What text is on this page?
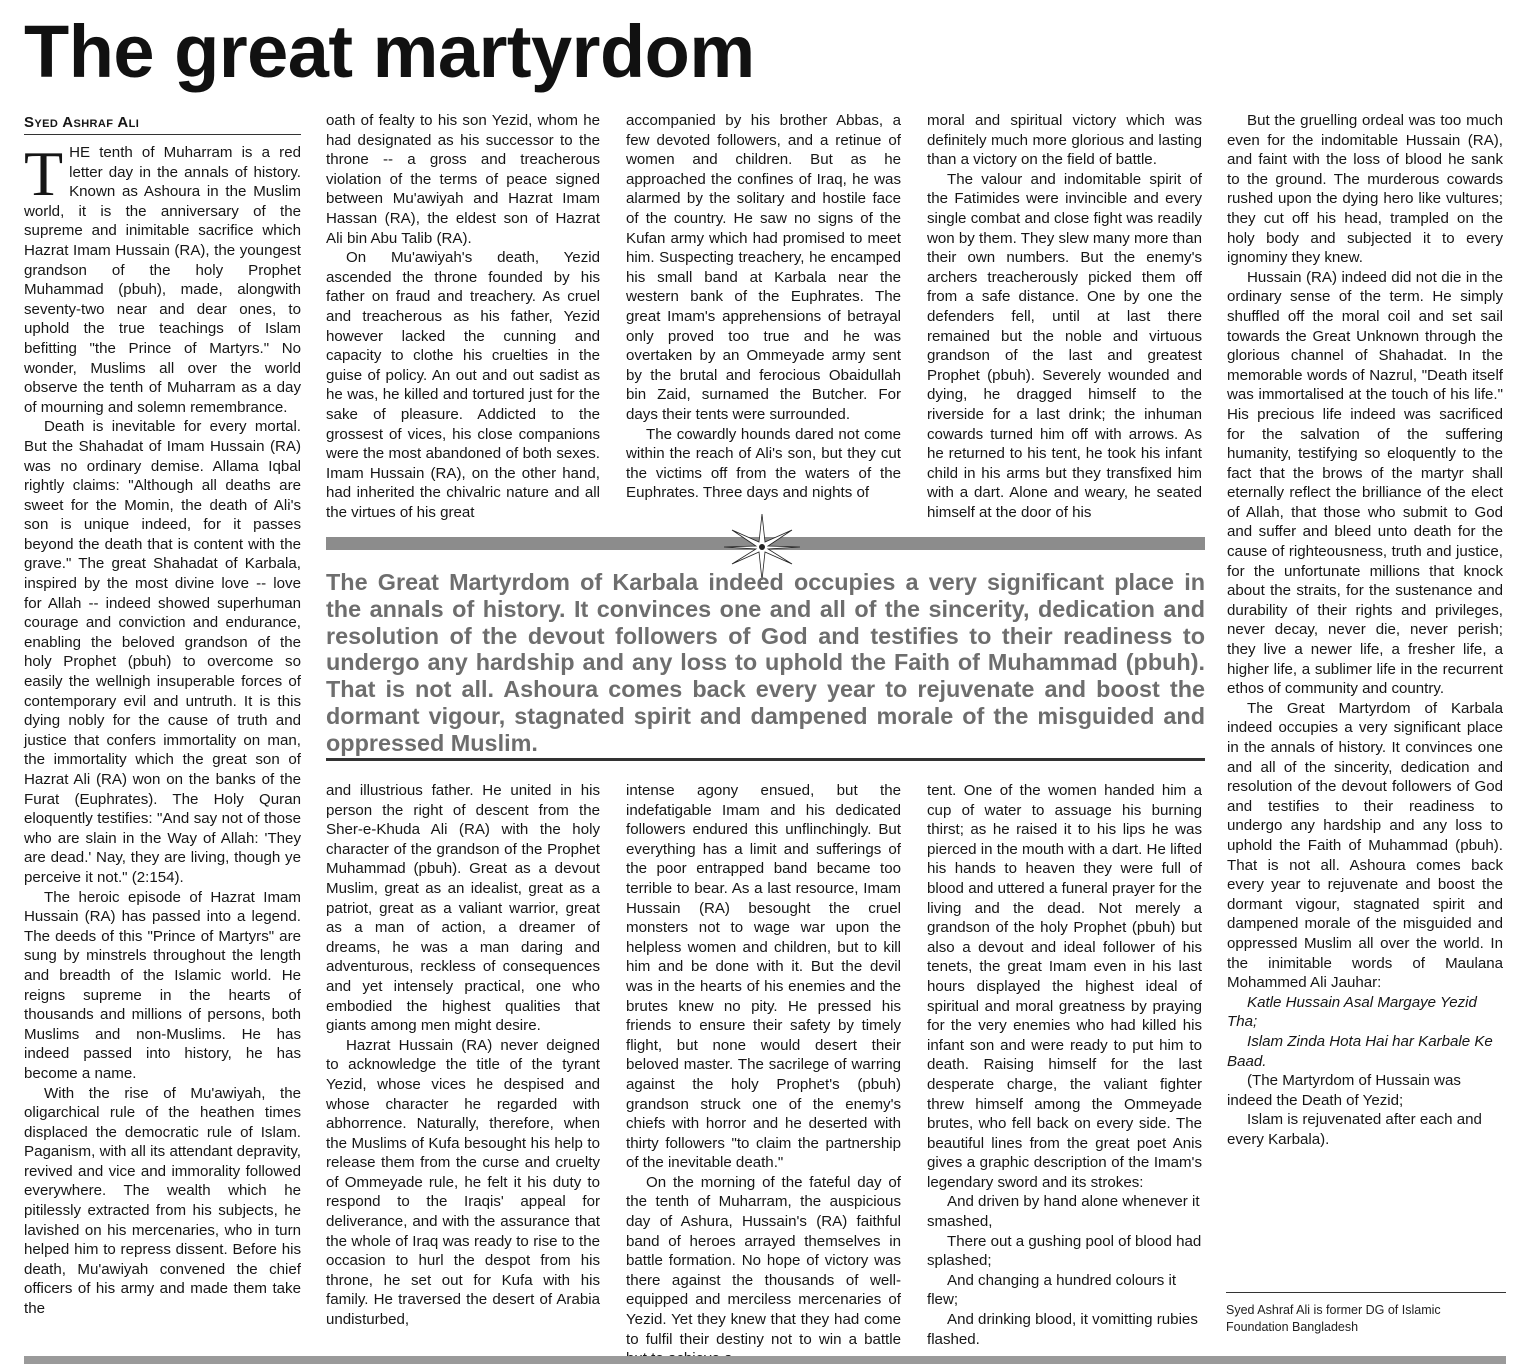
The great martyrdom
Syed Ashraf Ali

THE tenth of Muharram is a red letter day in the annals of history. Known as Ashoura in the Muslim world, it is the anniversary of the supreme and inimitable sacrifice which Hazrat Imam Hussain (RA), the youngest grandson of the holy Prophet Muhammad (pbuh), made, alongwith seventy-two near and dear ones, to uphold the true teachings of Islam befitting "the Prince of Martyrs." No wonder, Muslims all over the world observe the tenth of Muharram as a day of mourning and solemn remembrance.

Death is inevitable for every mortal. But the Shahadat of Imam Hussain (RA) was no ordinary demise. Allama Iqbal rightly claims: "Although all deaths are sweet for the Momin, the death of Ali's son is unique indeed, for it passes beyond the death that is content with the grave." The great Shahadat of Karbala, inspired by the most divine love -- love for Allah -- indeed showed superhuman courage and conviction and endurance, enabling the beloved grandson of the holy Prophet (pbuh) to overcome so easily the wellnigh insuperable forces of contemporary evil and untruth. It is this dying nobly for the cause of truth and justice that confers immortality on man, the immortality which the great son of Hazrat Ali (RA) won on the banks of the Furat (Euphrates). The Holy Quran eloquently testifies: "And say not of those who are slain in the Way of Allah: 'They are dead.' Nay, they are living, though ye perceive it not." (2:154).

The heroic episode of Hazrat Imam Hussain (RA) has passed into a legend. The deeds of this "Prince of Martyrs" are sung by minstrels throughout the length and breadth of the Islamic world. He reigns supreme in the hearts of thousands and millions of persons, both Muslims and non-Muslims. He has indeed passed into history, he has become a name.

With the rise of Mu'awiyah, the oligarchical rule of the heathen times displaced the democratic rule of Islam. Paganism, with all its attendant depravity, revived and vice and immorality followed everywhere. The wealth which he pitilessly extracted from his subjects, he lavished on his mercenaries, who in turn helped him to repress dissent. Before his death, Mu'awiyah convened the chief officers of his army and made them take the

oath of fealty to his son Yezid, whom he had designated as his successor to the throne -- a gross and treacherous violation of the terms of peace signed between Mu'awiyah and Hazrat Imam Hassan (RA), the eldest son of Hazrat Ali bin Abu Talib (RA).

On Mu'awiyah's death, Yezid ascended the throne founded by his father on fraud and treachery. As cruel and treacherous as his father, Yezid however lacked the cunning and capacity to clothe his cruelties in the guise of policy. An out and out sadist as he was, he killed and tortured just for the sake of pleasure. Addicted to the grossest of vices, his close companions were the most abandoned of both sexes. Imam Hussain (RA), on the other hand, had inherited the chivalric nature and all the virtues of his great

accompanied by his brother Abbas, a few devoted followers, and a retinue of women and children. But as he approached the confines of Iraq, he was alarmed by the solitary and hostile face of the country. He saw no signs of the Kufan army which had promised to meet him. Suspecting treachery, he encamped his small band at Karbala near the western bank of the Euphrates. The great Imam's apprehensions of betrayal only proved too true and he was overtaken by an Ommeyade army sent by the brutal and ferocious Obaidullah bin Zaid, surnamed the Butcher. For days their tents were surrounded.

The cowardly hounds dared not come within the reach of Ali's son, but they cut the victims off from the waters of the Euphrates. Three days and nights of

moral and spiritual victory which was definitely much more glorious and lasting than a victory on the field of battle.

The valour and indomitable spirit of the Fatimides were invincible and every single combat and close fight was readily won by them. They slew many more than their own numbers. But the enemy's archers treacherously picked them off from a safe distance. One by one the defenders fell, until at last there remained but the noble and virtuous grandson of the last and greatest Prophet (pbuh). Severely wounded and dying, he dragged himself to the riverside for a last drink; the inhuman cowards turned him off with arrows. As he returned to his tent, he took his infant child in his arms but they transfixed him with a dart. Alone and weary, he seated himself at the door of his

The Great Martyrdom of Karbala indeed occupies a very significant place in the annals of history. It convinces one and all of the sincerity, dedication and resolution of the devout followers of God and testifies to their readiness to undergo any hardship and any loss to uphold the Faith of Muhammad (pbuh). That is not all. Ashoura comes back every year to rejuvenate and boost the dormant vigour, stagnated spirit and dampened morale of the misguided and oppressed Muslim.

and illustrious father. He united in his person the right of descent from the Sher-e-Khuda Ali (RA) with the holy character of the grandson of the Prophet Muhammad (pbuh). Great as a devout Muslim, great as an idealist, great as a patriot, great as a valiant warrior, great as a man of action, a dreamer of dreams, he was a man daring and adventurous, reckless of consequences and yet intensely practical, one who embodied the highest qualities that giants among men might desire.

Hazrat Hussain (RA) never deigned to acknowledge the title of the tyrant Yezid, whose vices he despised and whose character he regarded with abhorrence. Naturally, therefore, when the Muslims of Kufa besought his help to release them from the curse and cruelty of Ommeyade rule, he felt it his duty to respond to the Iraqis' appeal for deliverance, and with the assurance that the whole of Iraq was ready to rise to the occasion to hurl the despot from his throne, he set out for Kufa with his family. He traversed the desert of Arabia undisturbed,

intense agony ensued, but the indefatigable Imam and his dedicated followers endured this unflinchingly. But everything has a limit and sufferings of the poor entrapped band became too terrible to bear. As a last resource, Imam Hussain (RA) besought the cruel monsters not to wage war upon the helpless women and children, but to kill him and be done with it. But the devil was in the hearts of his enemies and the brutes knew no pity. He pressed his friends to ensure their safety by timely flight, but none would desert their beloved master. The sacrilege of warring against the holy Prophet's (pbuh) grandson struck one of the enemy's chiefs with horror and he deserted with thirty followers "to claim the partnership of the inevitable death."

On the morning of the fateful day of the tenth of Muharram, the auspicious day of Ashura, Hussain's (RA) faithful band of heroes arrayed themselves in battle formation. No hope of victory was there against the thousands of well-equipped and merciless mercenaries of Yezid. Yet they knew that they had come to fulfil their destiny not to win a battle

tent. One of the women handed him a cup of water to assuage his burning thirst; as he raised it to his lips he was pierced in the mouth with a dart. He lifted his hands to heaven they were full of blood and uttered a funeral prayer for the living and the dead. Not merely a grandson of the holy Prophet (pbuh) but also a devout and ideal follower of his tenets, the great Imam even in his last hours displayed the highest ideal of spiritual and moral greatness by praying for the very enemies who had killed his infant son and were ready to put him to death. Raising himself for the last desperate charge, the valiant fighter threw himself among the Ommeyade brutes, who fell back on every side. The beautiful lines from the great poet Anis gives a graphic description of the Imam's legendary sword and its strokes:

And driven by hand alone whenever it smashed,

There out a gushing pool of blood had splashed;

And changing a hundred colours it flew;

And drinking blood, it vomitting rubies flashed.

But the gruelling ordeal was too much even for the indomitable Hussain (RA), and faint with the loss of blood he sank to the ground. The murderous cowards rushed upon the dying hero like vultures; they cut off his head, trampled on the holy body and subjected it to every ignominy they knew.

Hussain (RA) indeed did not die in the ordinary sense of the term. He simply shuffled off the moral coil and set sail towards the Great Unknown through the glorious channel of Shahadat. In the memorable words of Nazrul, "Death itself was immortalised at the touch of his life." His precious life indeed was sacrificed for the salvation of the suffering humanity, testifying so eloquently to the fact that the brows of the martyr shall eternally reflect the brilliance of the elect of Allah, that those who submit to God and suffer and bleed unto death for the cause of righteousness, truth and justice, for the unfortunate millions that knock about the straits, for the sustenance and durability of their rights and privileges, never decay, never die, never perish; they live a newer life, a fresher life, a higher life, a sublimer life in the recurrent ethos of community and country.

The Great Martyrdom of Karbala indeed occupies a very significant place in the annals of history. It convinces one and all of the sincerity, dedication and resolution of the devout followers of God and testifies to their readiness to undergo any hardship and any loss to uphold the Faith of Muhammad (pbuh). That is not all. Ashoura comes back every year to rejuvenate and boost the dormant vigour, stagnated spirit and dampened morale of the misguided and oppressed Muslim all over the world. In the inimitable words of Maulana Mohammed Ali Jauhar:

Katle Hussain Asal Margaye Yezid Tha;

Islam Zinda Hota Hai har Karbale Ke Baad.

(The Martyrdom of Hussain was indeed the Death of Yezid;

Islam is rejuvenated after each and every Karbala).

Syed Ashraf Ali is former DG of Islamic Foundation Bangladesh
